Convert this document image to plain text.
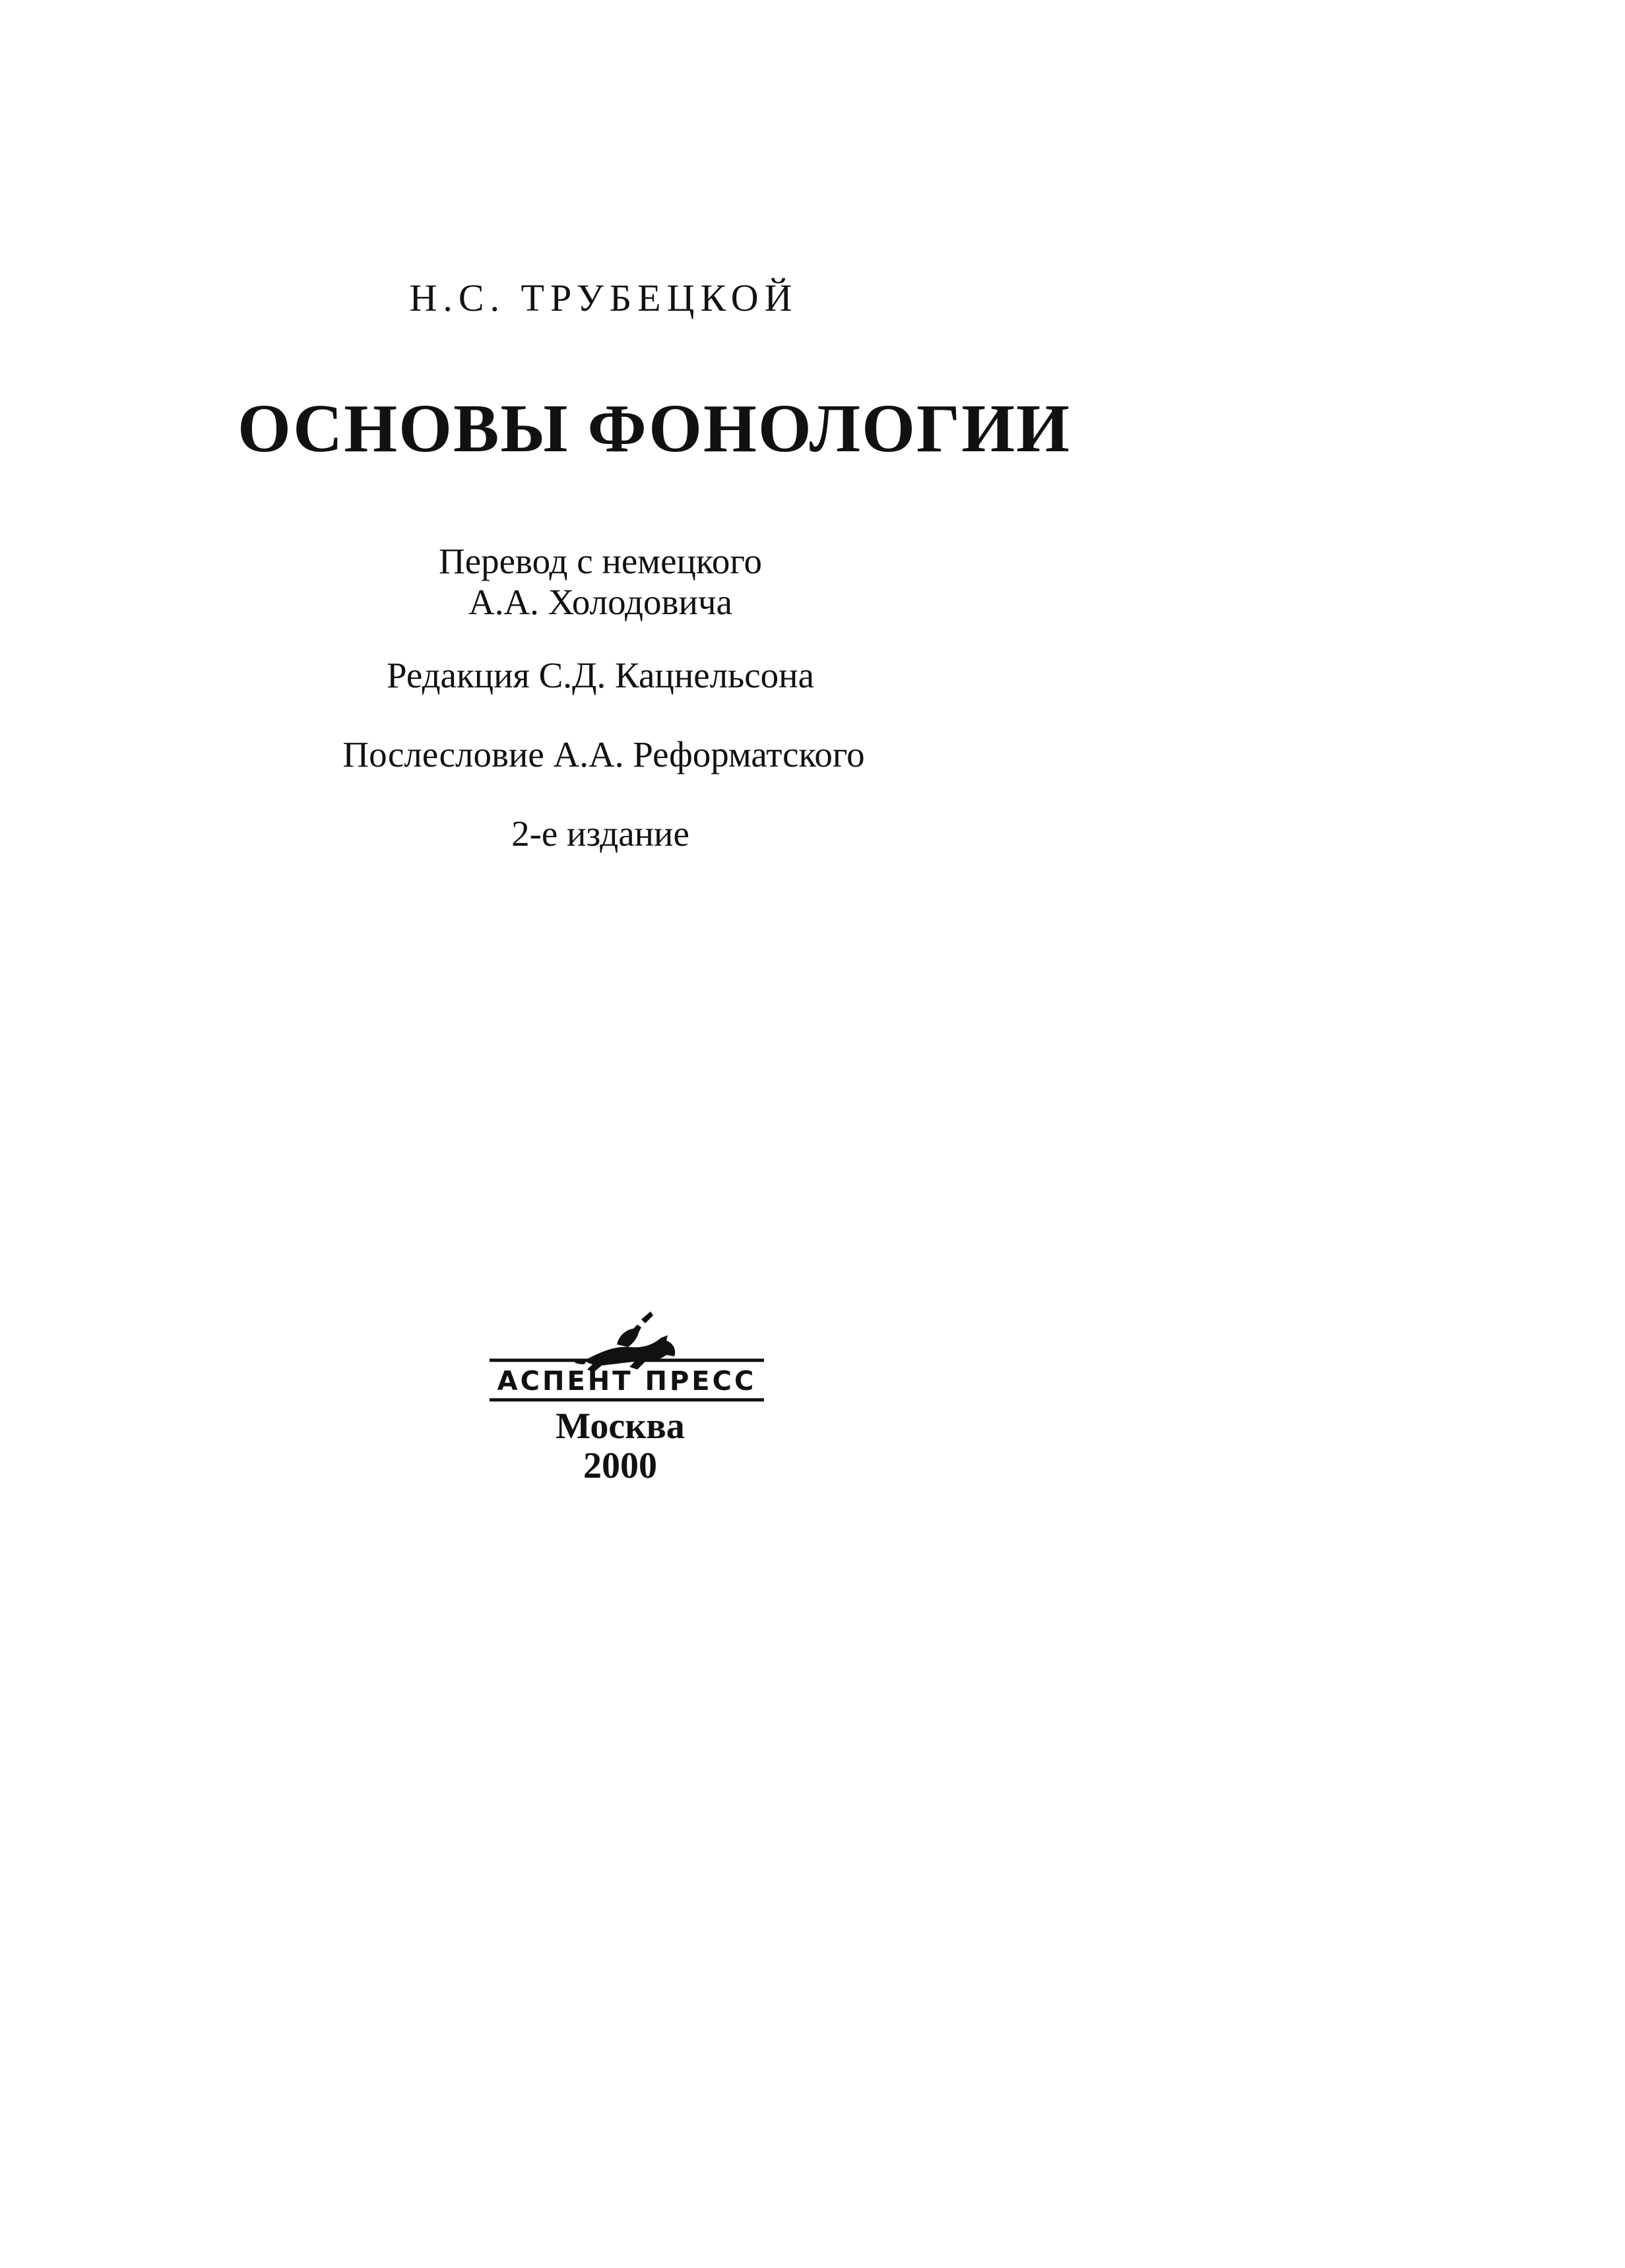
Н.С. ТРУБЕЦКОЙ
ОСНОВЫ ФОНОЛОГИИ
Перевод с немецкого
А.А. Холодовича
Редакция С.Д. Кацнельсона
Послесловие А.А. Реформатского
2-е издание
АСПЕНТ ПРЕСС
Москва
2000
